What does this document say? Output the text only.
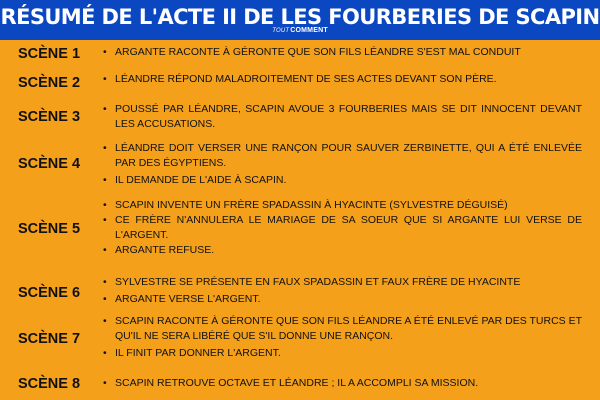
RÉSUMÉ DE L'ACTE II DE LES FOURBERIES DE SCAPIN
TOUTCOMMENT
SCÈNE 1	• ARGANTE RACONTE À GÉRONTE QUE SON FILS LÉANDRE S'EST MAL CONDUIT
SCÈNE 2	• LÉANDRE RÉPOND MALADROITEMENT DE SES ACTES DEVANT SON PÈRE.
SCÈNE 3	• POUSSÉ PAR LÉANDRE, SCAPIN AVOUE 3 FOURBERIES MAIS SE DIT INNOCENT DEVANT LES ACCUSATIONS.
SCÈNE 4
• LÉANDRE DOIT VERSER UNE RANÇON POUR SAUVER ZERBINETTE, QUI A ÉTÉ ENLEVÉE PAR DES ÉGYPTIENS.
• IL DEMANDE DE L'AIDE À SCAPIN.
SCÈNE 5
• SCAPIN INVENTE UN FRÈRE SPADASSIN À HYACINTE (SYLVESTRE DÉGUISÉ)
• CE FRÈRE N'ANNULERA LE MARIAGE DE SA SOEUR QUE SI ARGANTE LUI VERSE DE L'ARGENT.
• ARGANTE REFUSE.
SCÈNE 6
• SYLVESTRE SE PRÉSENTE EN FAUX SPADASSIN ET FAUX FRÈRE DE HYACINTE
• ARGANTE VERSE L'ARGENT.
SCÈNE 7
• SCAPIN RACONTE À GÉRONTE QUE SON FILS LÉANDRE A ÉTÉ ENLEVÉ PAR DES TURCS ET QU'IL NE SERA LIBÉRÉ QUE S'IL DONNE UNE RANÇON.
• IL FINIT PAR DONNER L'ARGENT.
SCÈNE 8	• SCAPIN RETROUVE OCTAVE ET LÉANDRE ; IL A ACCOMPLI SA MISSION.
